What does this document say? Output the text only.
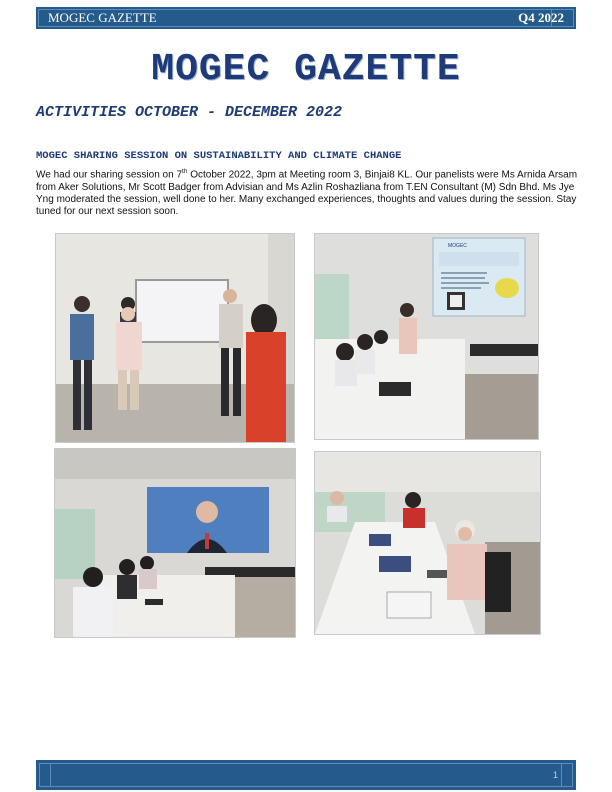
MOGEC GAZETTE	Q4 2022
MOGEC GAZETTE
ACTIVITIES OCTOBER - DECEMBER 2022
MOGEC SHARING SESSION ON SUSTAINABILITY AND CLIMATE CHANGE
We had our sharing session on 7th October 2022, 3pm at Meeting room 3, Binjai8 KL. Our panelists were Ms Arnida Arsam from Aker Solutions, Mr Scott Badger from Advisian and Ms Azlin Roshazliana from T.EN Consultant (M) Sdn Bhd. Ms Jye Yng moderated the session, well done to her. Many exchanged experiences, thoughts and values during the session. Stay tuned for our next session soon.
MOGEC
1
